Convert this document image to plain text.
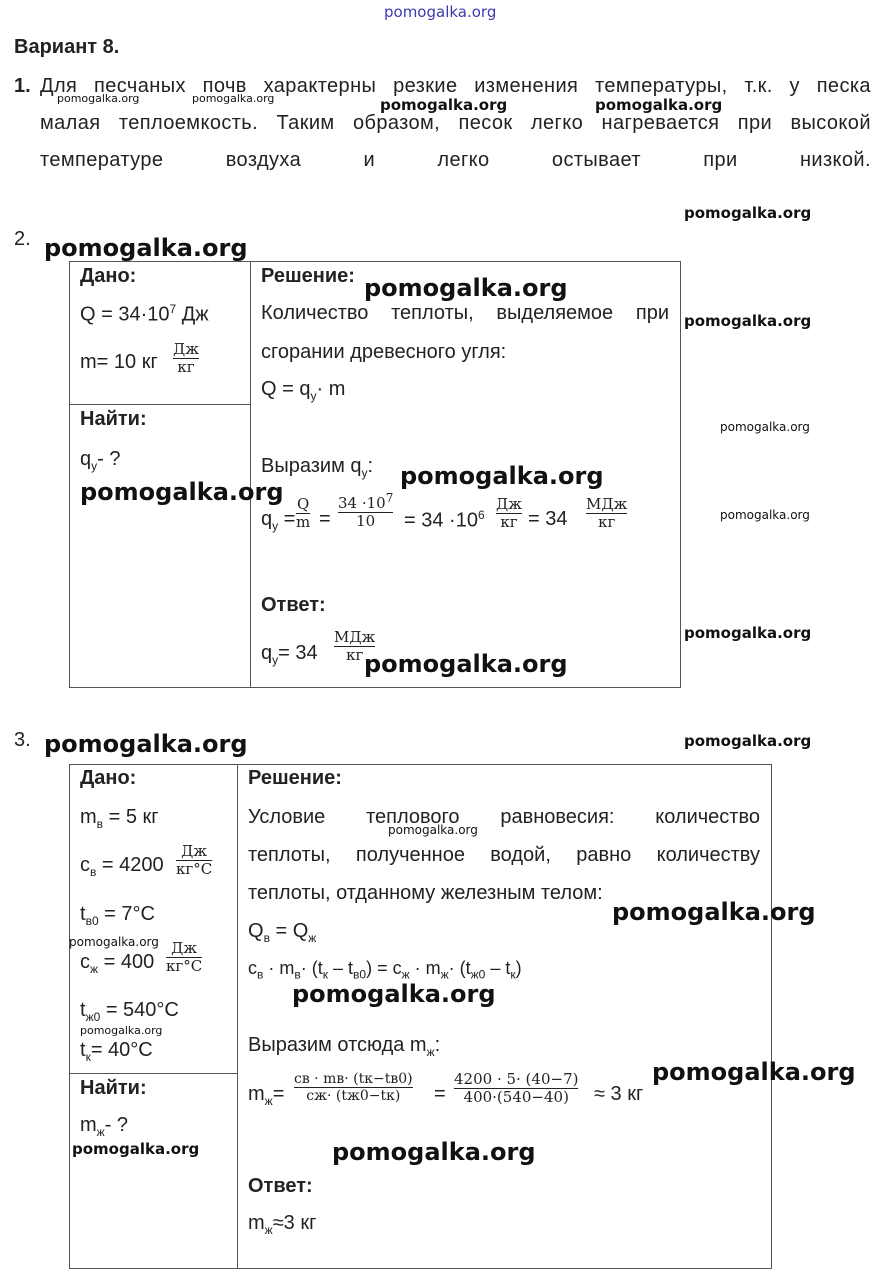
pomogalka.org
Вариант 8.
1. Для песчаных почв характерны резкие изменения температуры, т.к. у песка
малая теплоемкость. Таким образом, песок легко нагревается при высокой
температуре	воздуха	и	легко	остывает	при	низкой.
pomogalka.org	pomogalka.org	pomogalka.org	pomogalka.org
pomogalka.org
2. pomogalka.org
Дано:
$Q = 34\cdot 10^7$ Дж
m= 10 кг
Дж
кг
Найти:
$q_у-$ ?
pomogalka.org
Решение: pomogalka.org
Количество теплоты, выделяемое при
сгорании древесного угля:
$Q = q_у\cdot m$
pomogalka.org
pomogalka.org
Выразим $q_у$: pomogalka.org
$q_у$ =
Q
m =
$34 \cdot 10^7$
$10 = 34 \cdot 10^6$
Дж
кг = 34
МДж
кг	pomogalka.org
Ответ:
$q_у= 34$
МДж
кг pomogalka.org
pomogalka.org
3. pomogalka.org	pomogalka.org
Дано:
$m_в = 5$ кг
$c_в = 4200$
Дж
кг°C
$t_{в0} = 7^\circ C$
pomogalka.org
$c_ж = 400$
Дж
кг°C
$t_{ж0} = 540^\circ C$
pomogalka.org
$t_к= 40^\circ C$
Найти:
$m_ж-$ ?
pomogalka.org
Решение:
Условие теплового равновесия: количество
pomogalka.org
теплоты, полученное водой, равно количеству
теплоты, отданному железным телом:
pomogalka.org
$Q_в = Q_ж$
$c_в \cdot m_в\cdot (t_к - t_{в0}) = c_ж \cdot m_ж\cdot (t_{ж0} - t_к)$
pomogalka.org
Выразим отсюда $m_ж$:
pomogalka.org
$m_ж=$
cв · mв· (tк−tв0)
cж· (tж0−tк) =
4200 · 5· (40−7)
400·(540−40) ≈ 3 кг
pomogalka.org
Ответ:
$m_ж\approx 3$ кг
